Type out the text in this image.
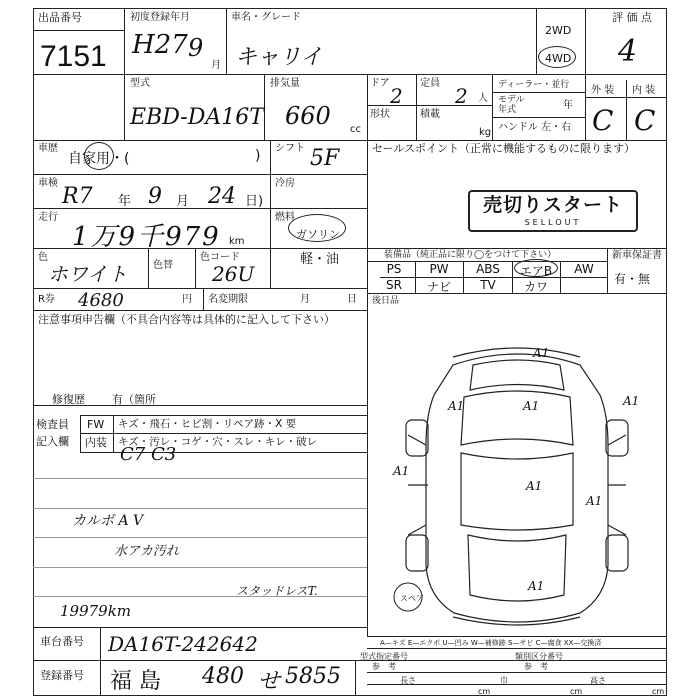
出品番号
7151
初度登録年月
H27 9
月
車名・グレード
キャリイ
2WD
4WD
評 価 点
4
型式
EBD-DA16T
排気量
660 cc
ドア
2
定員
2 人
形状	積載
kg
ディーラー・並行
モデル
年式	年
ハンドル 左・右
外 装 内 装
C C
車歴
自家用・(	) シフト 5F
車検
R7 年 9 月 24 日)
冷房
走行
1万9千979 km
燃料
ガソリン
軽・油
色
ホワイト	色替
色コード
26U
R券 4680	円 名変期限	月	日
セールスポイント（正常に機能するものに限ります）
売切りスタート
SELLOUT
装備品（純正品に限り◯をつけて下さい）	新車保証書
有・無
PS	PW	ABS	エアB	AW
SR	ナビ	TV	カワ
後日品
注意事項申告欄（不具合内容等は具体的に記入して下さい）
修復歴 有（箇所
検査員
記入欄
FW キズ・飛石・ヒビ割・リペア跡・X 要
内装 キズ・汚レ・コゲ・穴・スレ・キレ・破レ
C7 C3
カルボ A V
水アカ汚れ
スタッドレスT.
19979km
A1
A1
A1	A1
A1
A1
A1
A1
スペア
車台番号 DA16T-242642
登録番号 福 島 480 せ 5855
A—キズ E—エクボ U—凹み W—補修跡 S—サビ C—腐食 XX—交換済
型式指定番号
参　考
類別区分番号
参　考
長さ
cm
巾
cm
高さ
cm
